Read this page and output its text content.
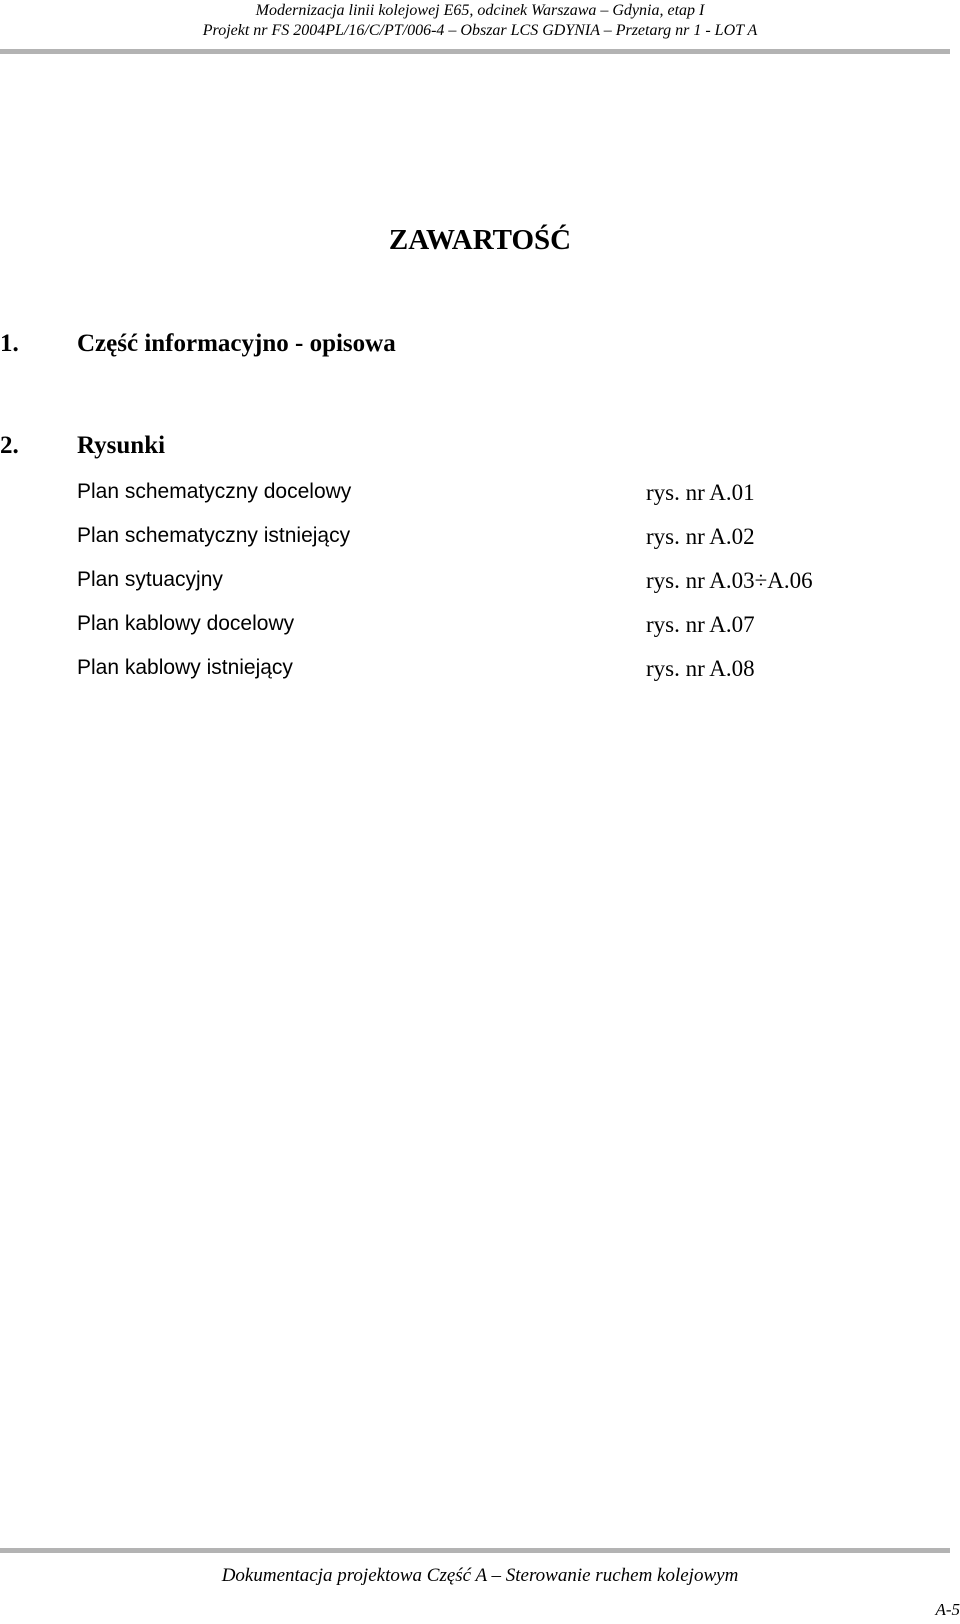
Modernizacja linii kolejowej E65, odcinek Warszawa – Gdynia, etap I
Projekt nr FS 2004PL/16/C/PT/006-4 – Obszar LCS GDYNIA – Przetarg nr 1 - LOT A
ZAWARTOŚĆ
1. Część informacyjno - opisowa
2. Rysunki
Plan schematyczny docelowy	rys. nr A.01
Plan schematyczny istniejący	rys. nr A.02
Plan sytuacyjny	rys. nr A.03÷A.06
Plan kablowy docelowy	rys. nr A.07
Plan kablowy istniejący	rys. nr A.08
Dokumentacja projektowa Część A – Sterowanie ruchem kolejowym
A-5
